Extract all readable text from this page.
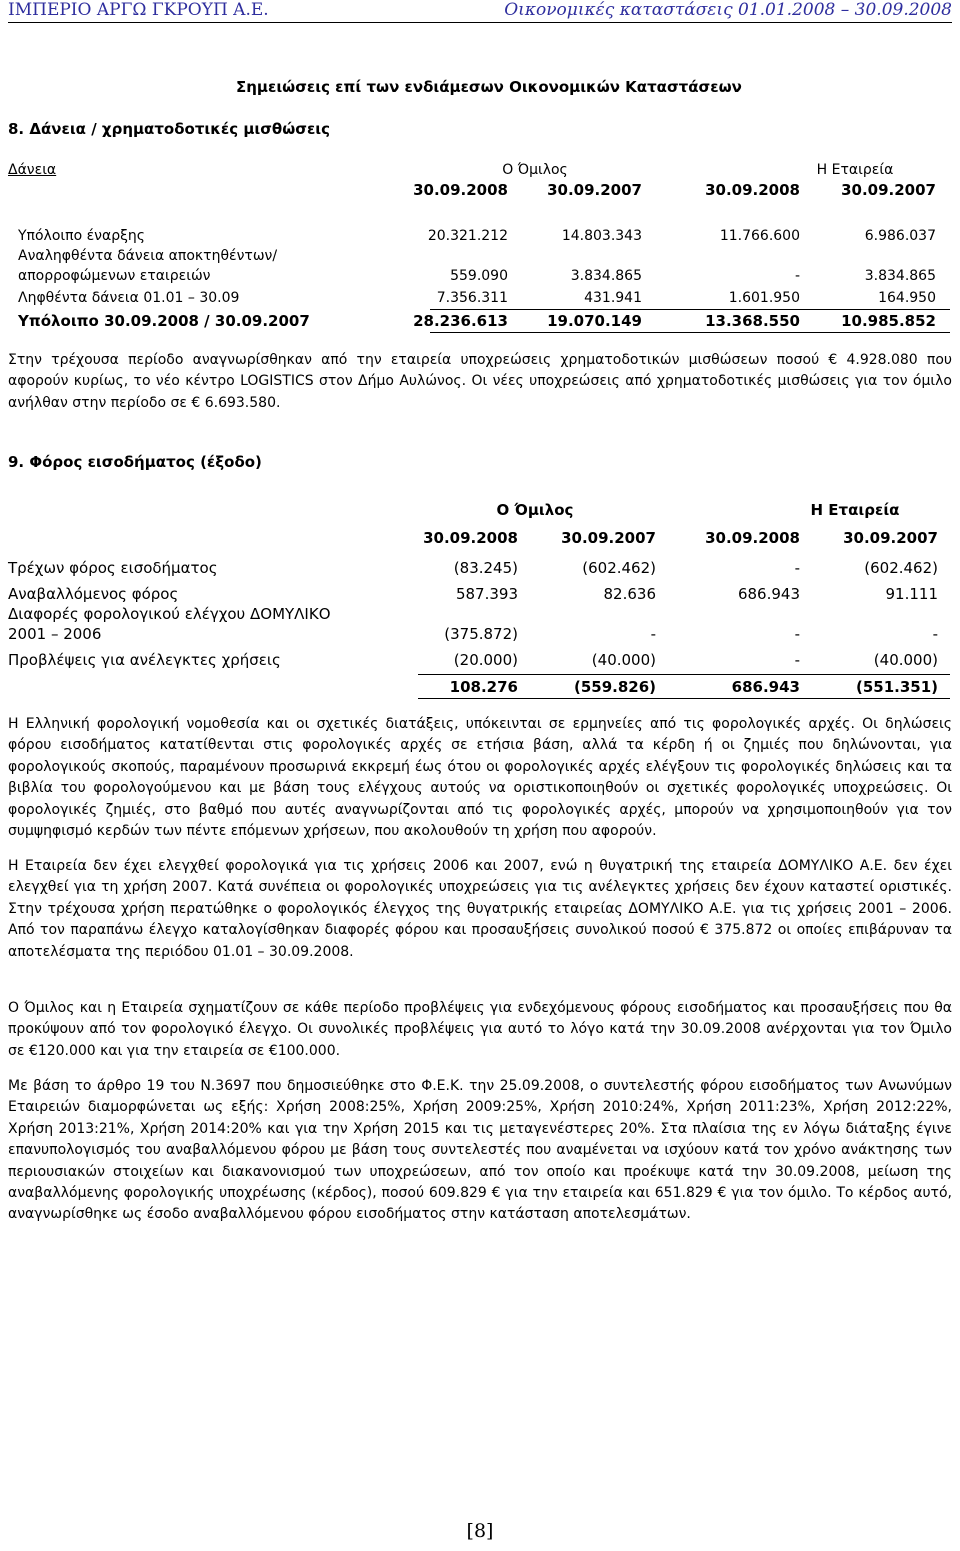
ΙΜΠΕΡΙΟ ΑΡΓΩ ΓΚΡΟΥΠ Α.Ε.	Οικονομικές καταστάσεις 01.01.2008 – 30.09.2008
Σημειώσεις επί των ενδιάμεσων Οικονομικών Καταστάσεων
8. Δάνεια / χρηματοδοτικές μισθώσεις
Δάνεια	Ο Όμιλος	Η Εταιρεία
30.09.2008	30.09.2007	30.09.2008	30.09.2007
Υπόλοιπο έναρξης	20.321.212	14.803.343	11.766.600	6.986.037
Αναληφθέντα δάνεια αποκτηθέντων/
απορροφώμενων εταιρειών	559.090	3.834.865	-	3.834.865
Ληφθέντα δάνεια 01.01 – 30.09	7.356.311	431.941	1.601.950	164.950
Υπόλοιπο 30.09.2008 / 30.09.2007	28.236.613	19.070.149	13.368.550	10.985.852
Στην τρέχουσα περίοδο αναγνωρίσθηκαν από την εταιρεία υποχρεώσεις χρηματοδοτικών μισθώσεων ποσού € 4.928.080 που αφορούν κυρίως, το νέο κέντρο LOGISTICS στον Δήμο Αυλώνος. Οι νέες υποχρεώσεις από χρηματοδοτικές μισθώσεις για τον όμιλο ανήλθαν στην περίοδο σε € 6.693.580.
9. Φόρος εισοδήματος (έξοδο)
Ο Όμιλος	Η Εταιρεία
30.09.2008	30.09.2007	30.09.2008	30.09.2007
Τρέχων φόρος εισοδήματος	(83.245)	(602.462)	-	(602.462)
Αναβαλλόμενος φόρος	587.393	82.636	686.943	91.111
Διαφορές φορολογικού ελέγχου ΔΟΜΥΛΙΚΟ
2001 – 2006	(375.872)	-	-	-
Προβλέψεις για ανέλεγκτες χρήσεις	(20.000)	(40.000)	-	(40.000)
108.276	(559.826)	686.943	(551.351)
Η Ελληνική φορολογική νομοθεσία και οι σχετικές διατάξεις, υπόκεινται σε ερμηνείες από τις φορολογικές αρχές. Οι δηλώσεις φόρου εισοδήματος κατατίθενται στις φορολογικές αρχές σε ετήσια βάση, αλλά τα κέρδη ή οι ζημιές που δηλώνονται, για φορολογικούς σκοπούς, παραμένουν προσωρινά εκκρεμή έως ότου οι φορολογικές αρχές ελέγξουν τις φορολογικές δηλώσεις και τα βιβλία του φορολογούμενου και με βάση τους ελέγχους αυτούς να οριστικοποιηθούν οι σχετικές φορολογικές υποχρεώσεις. Οι φορολογικές ζημιές, στο βαθμό που αυτές αναγνωρίζονται από τις φορολογικές αρχές, μπορούν να χρησιμοποιηθούν για τον συμψηφισμό κερδών των πέντε επόμενων χρήσεων, που ακολουθούν τη χρήση που αφορούν.
Η Εταιρεία δεν έχει ελεγχθεί φορολογικά για τις χρήσεις 2006 και 2007, ενώ η θυγατρική της εταιρεία ΔΟΜΥΛΙΚΟ Α.Ε. δεν έχει ελεγχθεί για τη χρήση 2007. Κατά συνέπεια οι φορολογικές υποχρεώσεις για τις ανέλεγκτες χρήσεις δεν έχουν καταστεί οριστικές. Στην τρέχουσα χρήση περατώθηκε ο φορολογικός έλεγχος της θυγατρικής εταιρείας ΔΟΜΥΛΙΚΟ Α.Ε. για τις χρήσεις 2001 – 2006. Από τον παραπάνω έλεγχο καταλογίσθηκαν διαφορές φόρου και προσαυξήσεις συνολικού ποσού € 375.872 οι οποίες επιβάρυναν τα αποτελέσματα της περιόδου 01.01 – 30.09.2008.
Ο Όμιλος και η Εταιρεία σχηματίζουν σε κάθε περίοδο προβλέψεις για ενδεχόμενους φόρους εισοδήματος και προσαυξήσεις που θα προκύψουν από τον φορολογικό έλεγχο. Οι συνολικές προβλέψεις για αυτό το λόγο κατά την 30.09.2008 ανέρχονται για τον Όμιλο σε €120.000 και για την εταιρεία σε €100.000.
Με βάση το άρθρο 19 του Ν.3697 που δημοσιεύθηκε στο Φ.Ε.Κ. την 25.09.2008, ο συντελεστής φόρου εισοδήματος των Ανωνύμων Εταιρειών διαμορφώνεται ως εξής: Χρήση 2008:25%, Χρήση 2009:25%, Χρήση 2010:24%, Χρήση 2011:23%, Χρήση 2012:22%, Χρήση 2013:21%, Χρήση 2014:20% και για την Χρήση 2015 και τις μεταγενέστερες 20%. Στα πλαίσια της εν λόγω διάταξης έγινε επανυπολογισμός του αναβαλλόμενου φόρου με βάση τους συντελεστές που αναμένεται να ισχύουν κατά τον χρόνο ανάκτησης των περιουσιακών στοιχείων και διακανονισμού των υποχρεώσεων, από τον οποίο και προέκυψε κατά την 30.09.2008, μείωση της αναβαλλόμενης φορολογικής υποχρέωσης (κέρδος), ποσού 609.829 € για την εταιρεία και 651.829 € για τον όμιλο. Το κέρδος αυτό, αναγνωρίσθηκε ως έσοδο αναβαλλόμενου φόρου εισοδήματος στην κατάσταση αποτελεσμάτων.
[8]
